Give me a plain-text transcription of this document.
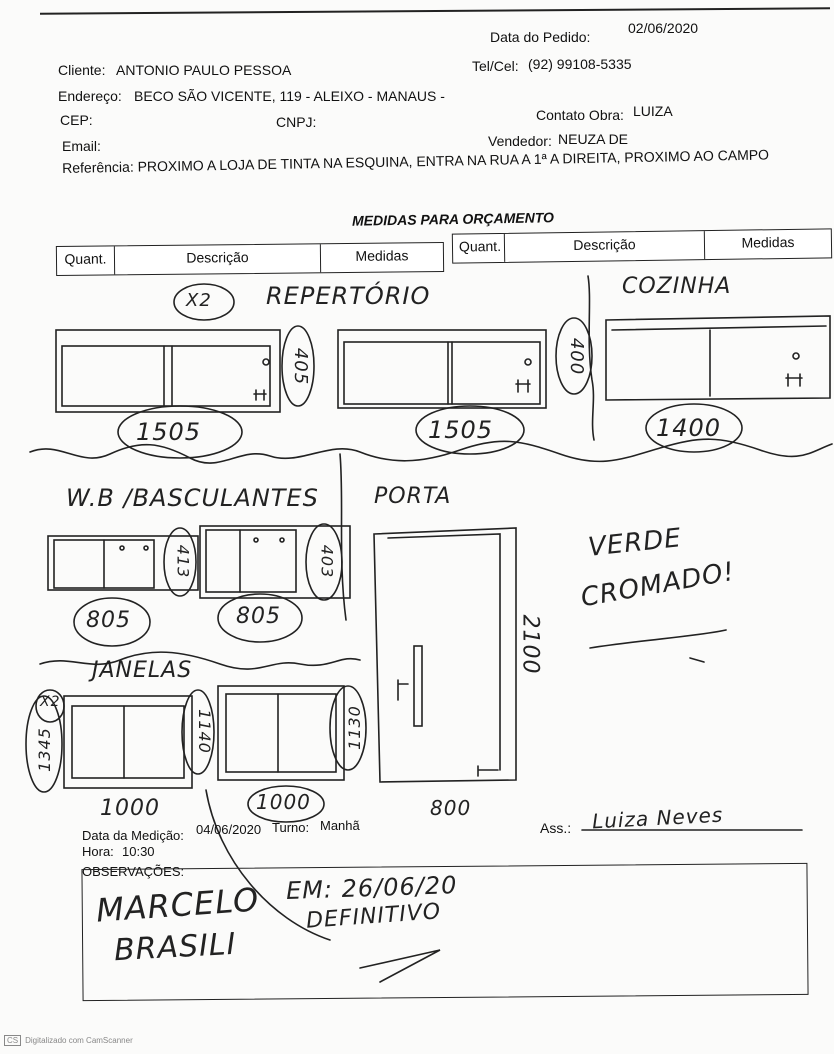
Data do Pedido:
02/06/2020
Cliente: ANTONIO PAULO PESSOA	Tel/Cel: (92) 99108-5335
Endereço: BECO SÃO VICENTE, 119 - ALEIXO - MANAUS -
CEP:	CNPJ:	Contato Obra: LUIZA
Email:	Vendedor: NEUZA DE
Referência: PROXIMO A LOJA DE TINTA NA ESQUINA, ENTRA NA RUA A 1ª A DIREITA, PROXIMO AO CAMPO
MEDIDAS PARA ORÇAMENTO
Quant.	Descrição	Medidas
Quant.	Descrição	Medidas
X2 REPERTÓRIO	COZINHA
1505	1505	1400
405	400
W.B /BASCULANTES	PORTA
VERDE
CROMADO!
805	805
413	403
2100
JANELAS
X2
1345	1140	1130
1000	1000	800
Data da Medição: 04/06/2020 Turno: Manhã
Hora: 10:30
Ass.: Luiza Neves
OBSERVAÇÕES:
MARCELO
BRASILI
EM: 26/06/20
DEFINITIVO
CS Digitalizado com CamScanner
